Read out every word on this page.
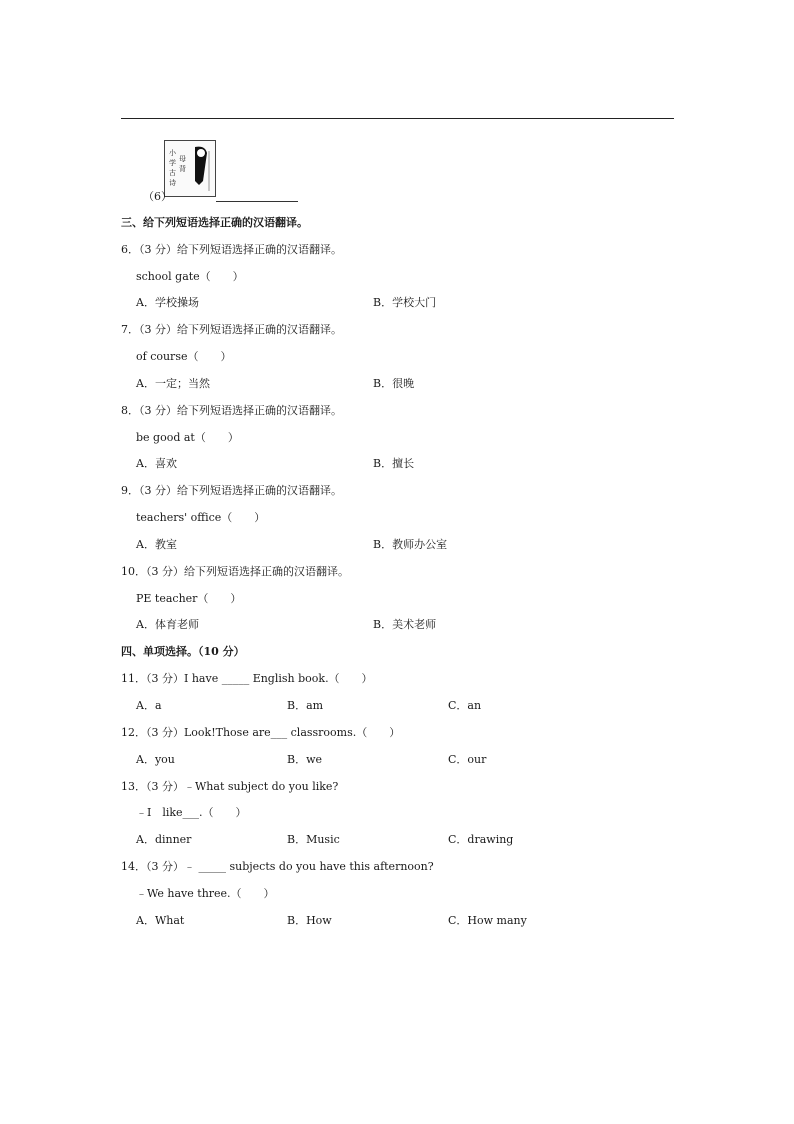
小
学
古
诗
母
背
（6）
三、给下列短语选择正确的汉语翻译。
6．（3 分）给下列短语选择正确的汉语翻译。
school gate（　　）
A．学校操场	B．学校大门
7．（3 分）给下列短语选择正确的汉语翻译。
of course（　　）
A．一定；当然	B．很晚
8．（3 分）给下列短语选择正确的汉语翻译。
be good at（　　）
A．喜欢	B．擅长
9．（3 分）给下列短语选择正确的汉语翻译。
teachers' office（　　）
A．教室	B．教师办公室
10．（3 分）给下列短语选择正确的汉语翻译。
PE teacher（　　）
A．体育老师	B．美术老师
四、单项选择。（10 分）
11．（3 分）I have _____ English book.（　　）
A．a	B．am	C．an
12．（3 分）Look!Those are___ classrooms.（　　）
A．you	B．we	C．our
13．（3 分）﹣What subject do you like?
﹣I　like___.（　　）
A．dinner	B．Music	C．drawing
14．（3 分）﹣ _____ subjects do you have this afternoon?
﹣We have three.（　　）
A．What	B．How	C．How many
